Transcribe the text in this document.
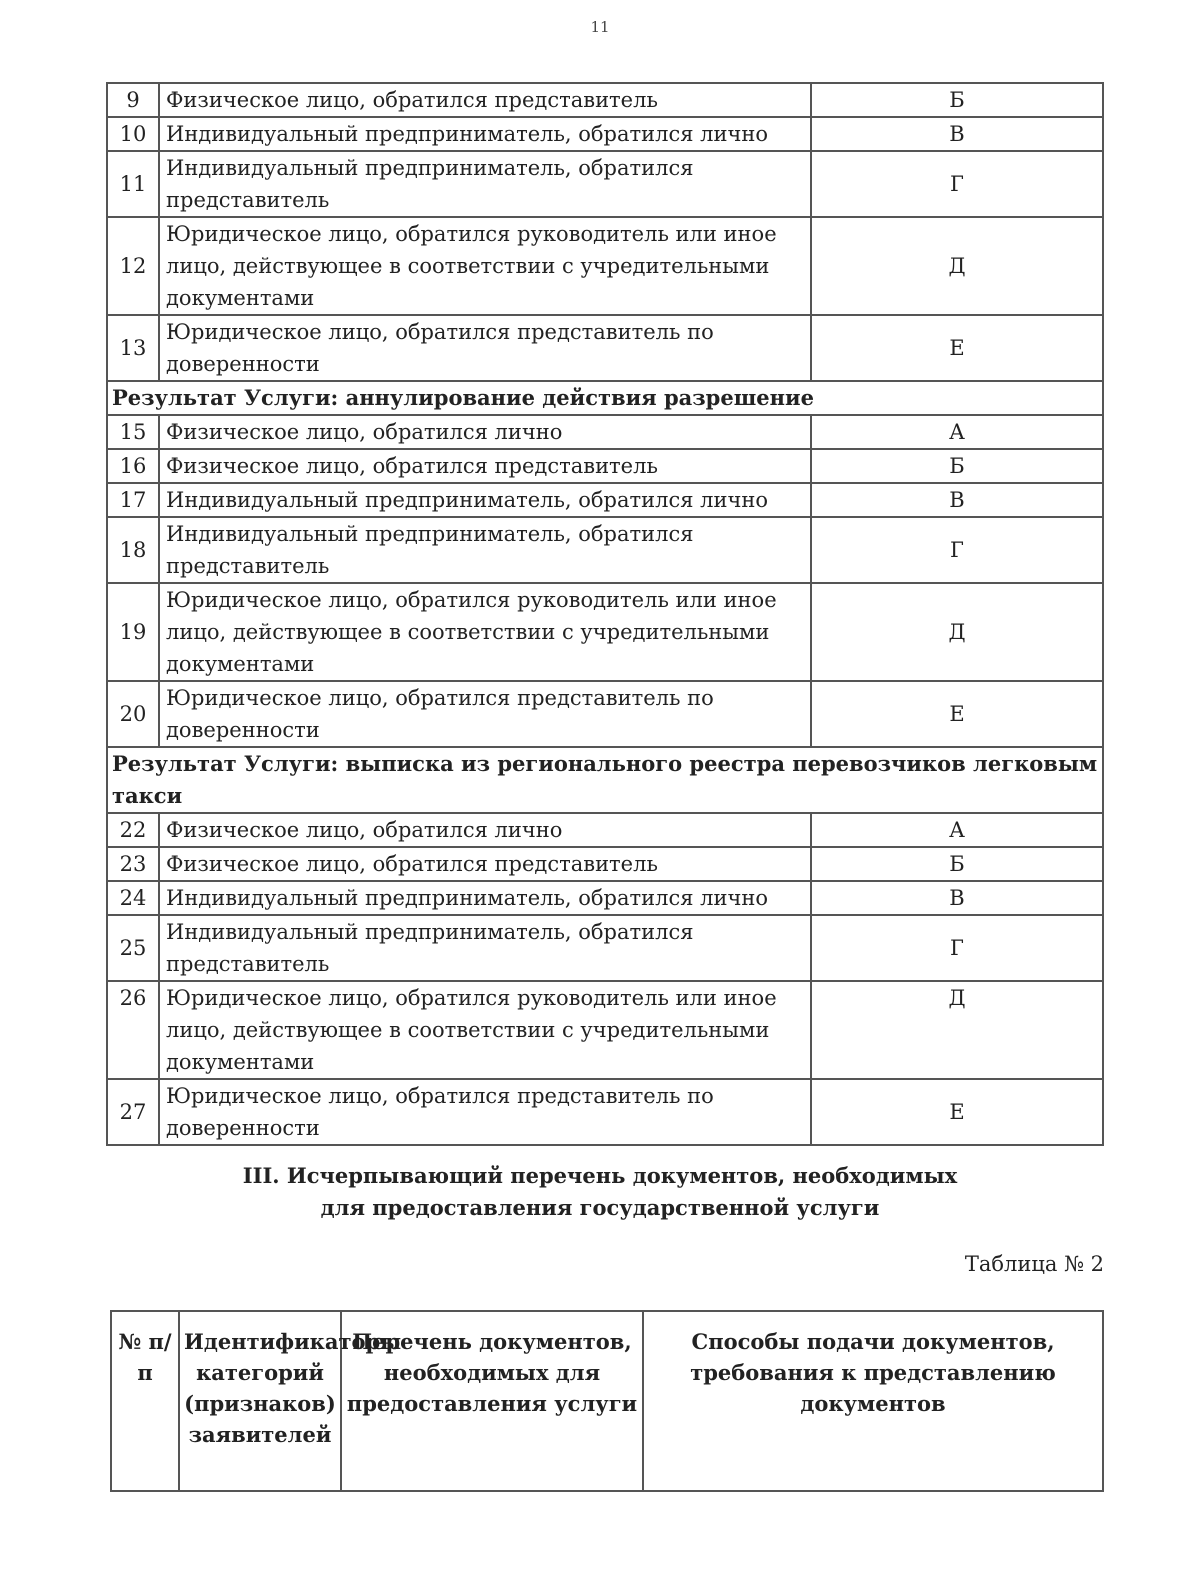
11
9	Физическое лицо, обратился представитель	Б
10	Индивидуальный предприниматель, обратился лично	В
11	Индивидуальный предприниматель, обратился представитель	Г
12	Юридическое лицо, обратился руководитель или иное лицо, действующее в соответствии с учредительными документами	Д
13	Юридическое лицо, обратился представитель по доверенности	Е
Результат Услуги: аннулирование действия разрешение		
15	Физическое лицо, обратился лично	А
16	Физическое лицо, обратился представитель	Б
17	Индивидуальный предприниматель, обратился лично	В
18	Индивидуальный предприниматель, обратился представитель	Г
19	Юридическое лицо, обратился руководитель или иное лицо, действующее в соответствии с учредительными документами	Д
20	Юридическое лицо, обратился представитель по доверенности	Е
Результат Услуги: выписка из регионального реестра перевозчиков легковым такси		
22	Физическое лицо, обратился лично	А
23	Физическое лицо, обратился представитель	Б
24	Индивидуальный предприниматель, обратился лично	В
25	Индивидуальный предприниматель, обратился представитель	Г
26	Юридическое лицо, обратился руководитель или иное лицо, действующее в соответствии с учредительными документами	Д
27	Юридическое лицо, обратился представитель по доверенности	Е
III. Исчерпывающий перечень документов, необходимых
для предоставления государственной услуги
Таблица № 2
№ п/п	Идентификаторы категорий (признаков) заявителей	Перечень документов, необходимых для предоставления услуги	Способы подачи документов, требования к представлению документов
